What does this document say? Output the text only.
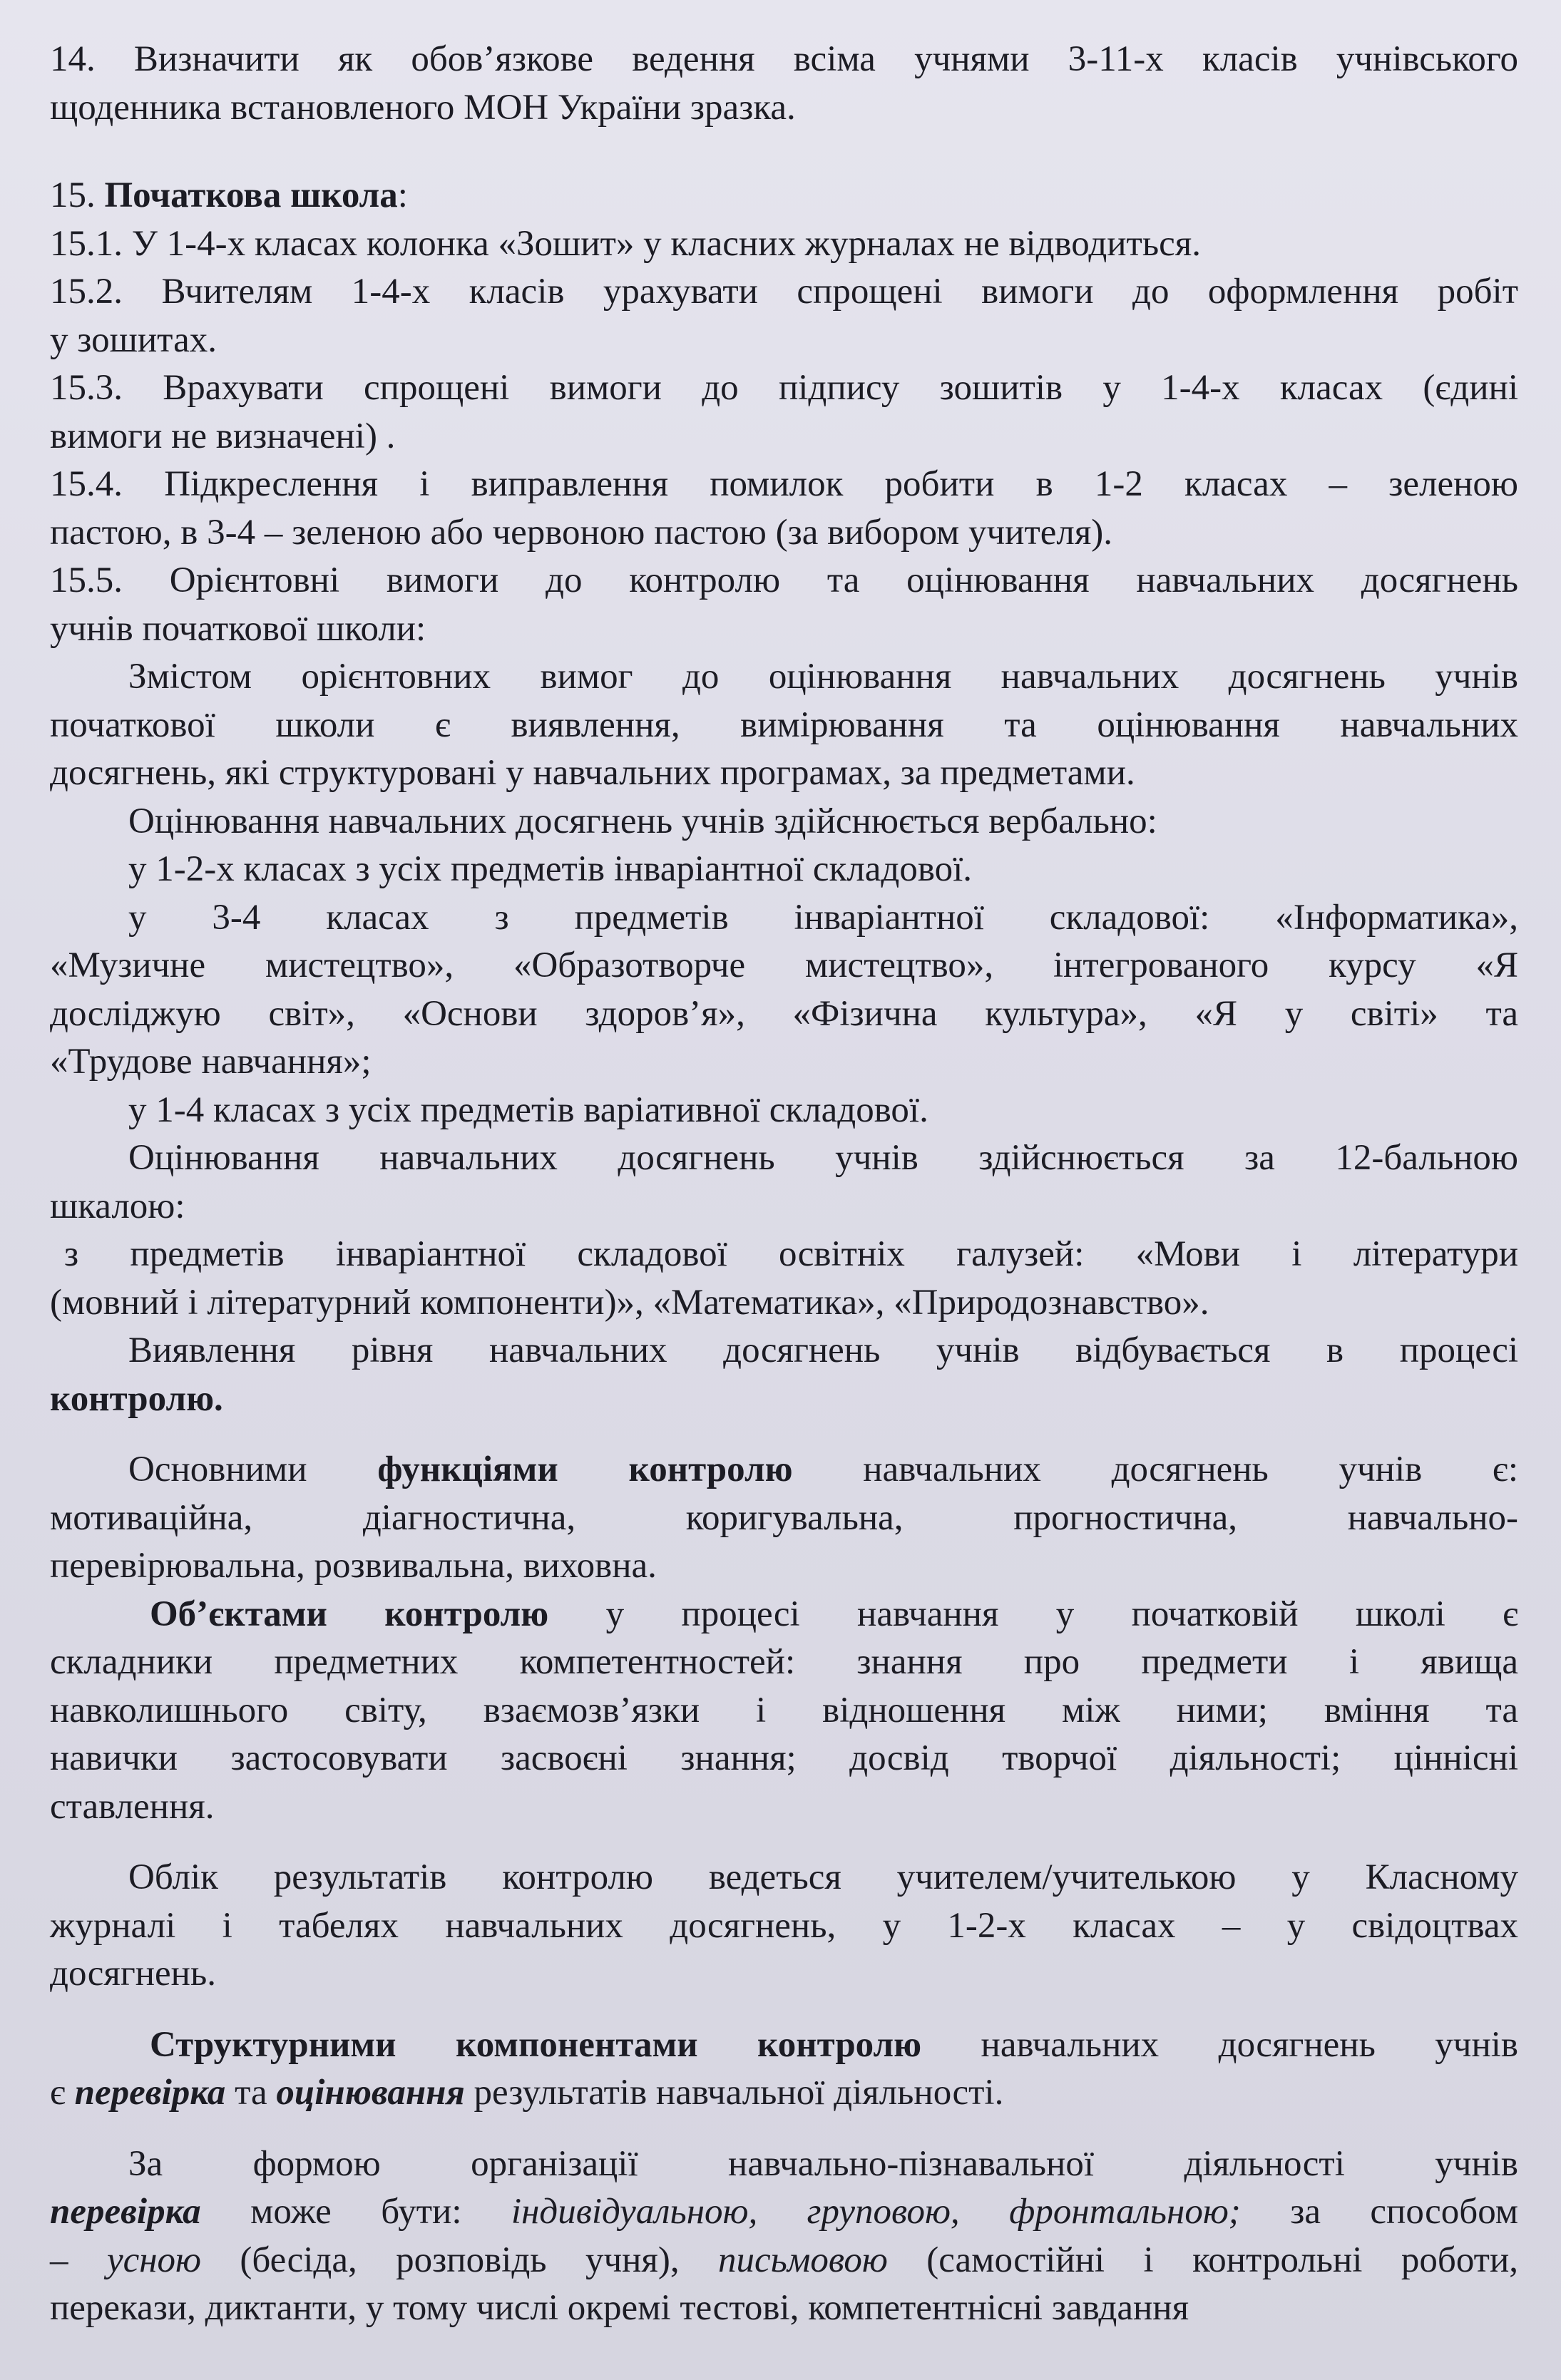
14. Визначити як обов’язкове ведення всіма учнями 3-11-х класів учнівського

щоденника встановленого МОН України зразка.

15. Початкова школа:

15.1. У 1-4-х класах колонка «Зошит» у класних журналах не відводиться.

15.2. Вчителям 1-4-х класів урахувати спрощені вимоги до оформлення робіт

у зошитах.

15.3. Врахувати спрощені вимоги до підпису зошитів у 1-4-х класах (єдині

вимоги не визначені) .

15.4. Підкреслення і виправлення помилок робити в 1-2 класах – зеленою

пастою, в 3-4 – зеленою або червоною пастою (за вибором учителя).

15.5. Орієнтовні вимоги до контролю та оцінювання навчальних досягнень

учнів початкової школи:

Змістом орієнтовних вимог до оцінювання навчальних досягнень учнів

початкової школи є виявлення, вимірювання та оцінювання навчальних

досягнень, які структуровані у навчальних програмах, за предметами.

Оцінювання навчальних досягнень учнів здійснюється вербально:

у 1-2-х класах з усіх предметів інваріантної складової.

у 3-4 класах з предметів інваріантної складової: «Інформатика»,

«Музичне мистецтво», «Образотворче мистецтво», інтегрованого курсу «Я

досліджую світ», «Основи здоров’я», «Фізична культура», «Я у світі» та

«Трудове навчання»;

у 1-4 класах з усіх предметів варіативної складової.

Оцінювання навчальних досягнень учнів здійснюється за 12-бальною

шкалою:

з предметів інваріантної складової освітніх галузей: «Мови і літератури

(мовний і літературний компоненти)», «Математика», «Природознавство».

Виявлення рівня навчальних досягнень учнів відбувається в процесі

контролю.

Основними функціями контролю навчальних досягнень учнів є:

мотиваційна, діагностична, коригувальна, прогностична, навчально-

перевірювальна, розвивальна, виховна.

Об’єктами контролю у процесі навчання у початковій школі є

складники предметних компетентностей: знання про предмети і явища

навколишнього світу, взаємозв’язки і відношення між ними; вміння та

навички застосовувати засвоєні знання; досвід творчої діяльності; ціннісні

ставлення.

Облік результатів контролю ведеться учителем/учителькою у Класному

журналі і табелях навчальних досягнень, у 1-2-х класах – у свідоцтвах

досягнень.

Структурними компонентами контролю навчальних досягнень учнів

є перевірка та оцінювання результатів навчальної діяльності.

За формою організації навчально-пізнавальної діяльності учнів

перевірка може бути: індивідуальною, груповою, фронтальною; за способом

– усною (бесіда, розповідь учня), письмовою (самостійні і контрольні роботи,

перекази, диктанти, у тому числі окремі тестові, компетентнісні завдання
